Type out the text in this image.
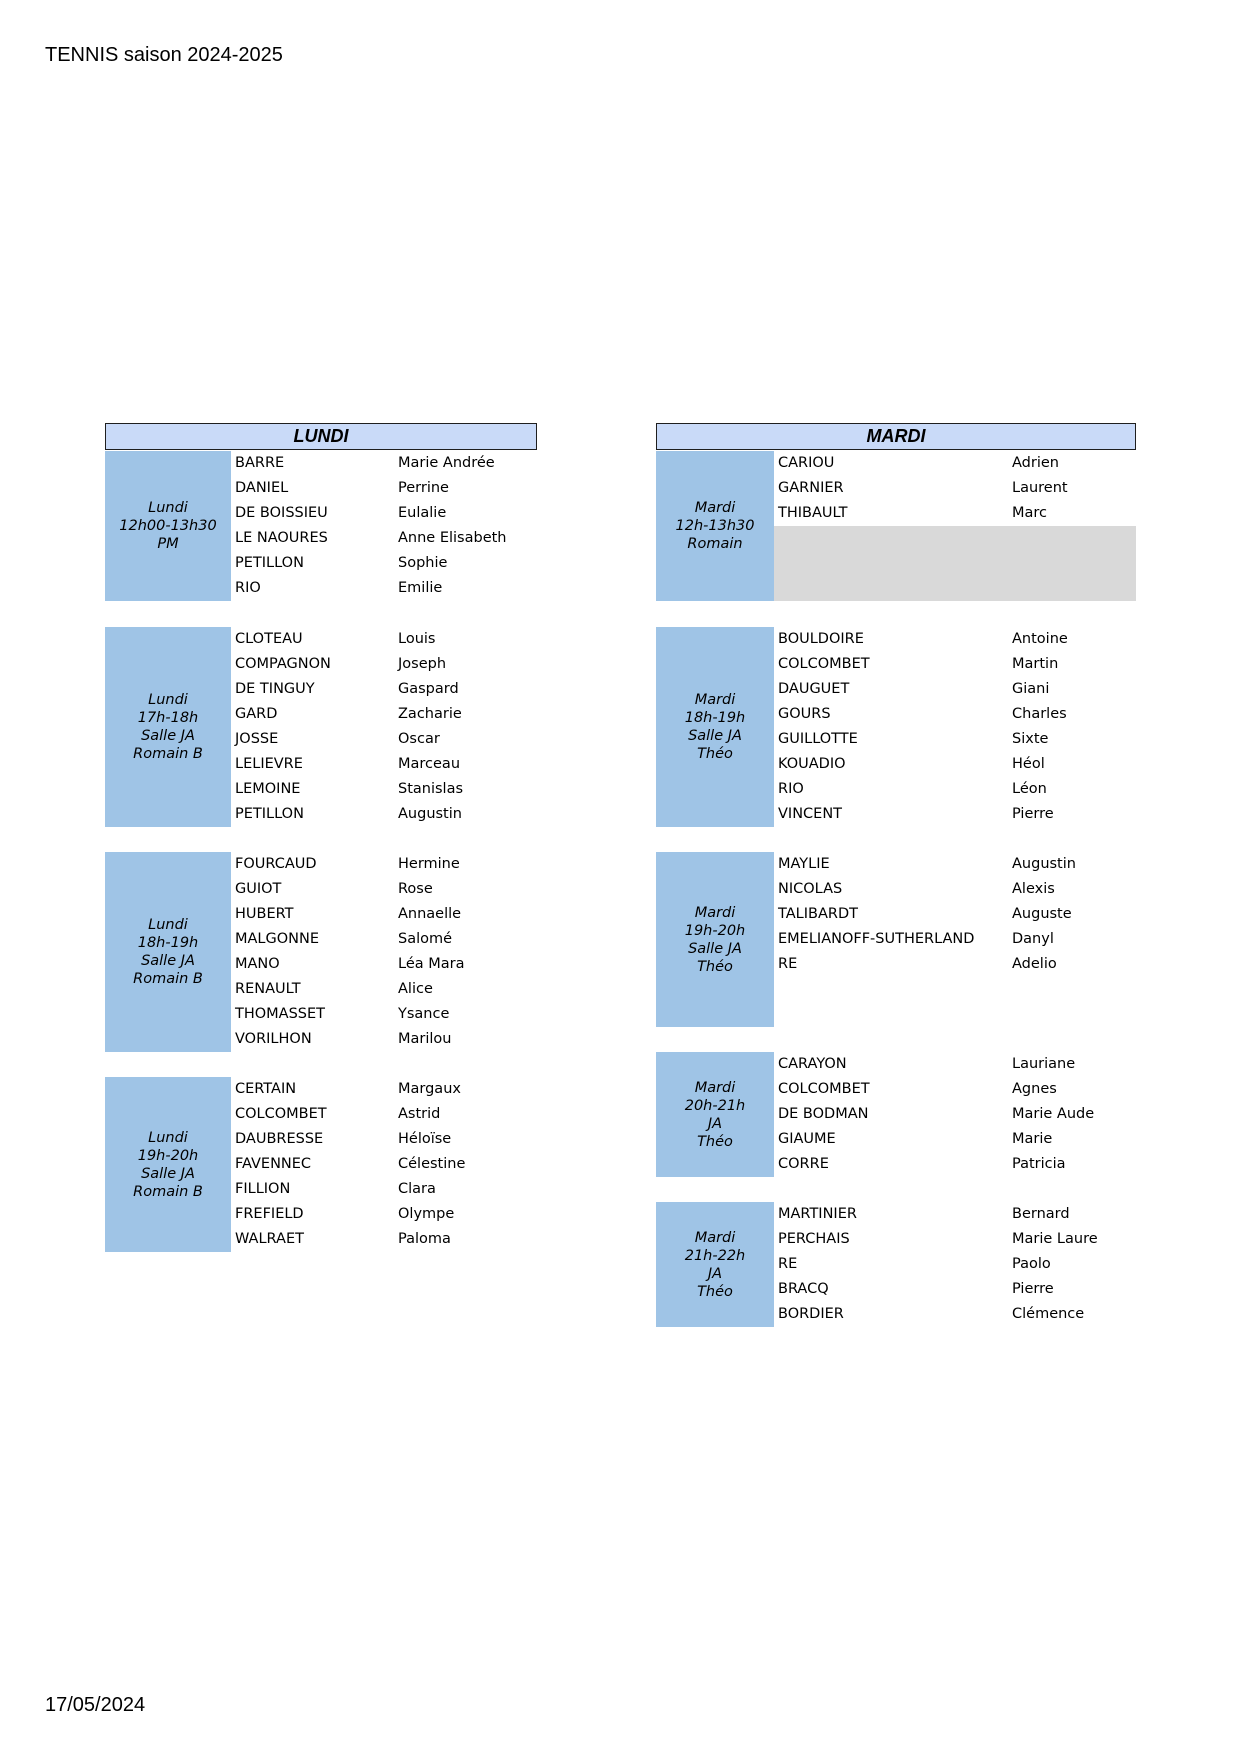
TENNIS saison 2024-2025
LUNDI	MARDI
Lundi
12h00-13h30
PM
BARRE	Marie Andrée
DANIEL	Perrine
DE BOISSIEU	Eulalie
LE NAOURES	Anne Elisabeth
PETILLON	Sophie
RIO	Emilie
Lundi
17h-18h
Salle JA
Romain B
CLOTEAU	Louis
COMPAGNON	Joseph
DE TINGUY	Gaspard
GARD	Zacharie
JOSSE	Oscar
LELIEVRE	Marceau
LEMOINE	Stanislas
PETILLON	Augustin
Lundi
18h-19h
Salle JA
Romain B
FOURCAUD	Hermine
GUIOT	Rose
HUBERT	Annaelle
MALGONNE	Salomé
MANO	Léa Mara
RENAULT	Alice
THOMASSET	Ysance
VORILHON	Marilou
Lundi
19h-20h
Salle JA
Romain B
CERTAIN	Margaux
COLCOMBET	Astrid
DAUBRESSE	Héloïse
FAVENNEC	Célestine
FILLION	Clara
FREFIELD	Olympe
WALRAET	Paloma
Mardi
12h-13h30
Romain
CARIOU	Adrien
GARNIER	Laurent
THIBAULT	Marc
Mardi
18h-19h
Salle JA
Théo
BOULDOIRE	Antoine
COLCOMBET	Martin
DAUGUET	Giani
GOURS	Charles
GUILLOTTE	Sixte
KOUADIO	Héol
RIO	Léon
VINCENT	Pierre
Mardi
19h-20h
Salle JA
Théo
MAYLIE	Augustin
NICOLAS	Alexis
TALIBARDT	Auguste
EMELIANOFF-SUTHERLAND	Danyl
RE	Adelio
Mardi
20h-21h
JA
Théo
CARAYON	Lauriane
COLCOMBET	Agnes
DE BODMAN	Marie Aude
GIAUME	Marie
CORRE	Patricia
Mardi
21h-22h
JA
Théo
MARTINIER	Bernard
PERCHAIS	Marie Laure
RE	Paolo
BRACQ	Pierre
BORDIER	Clémence
17/05/2024
